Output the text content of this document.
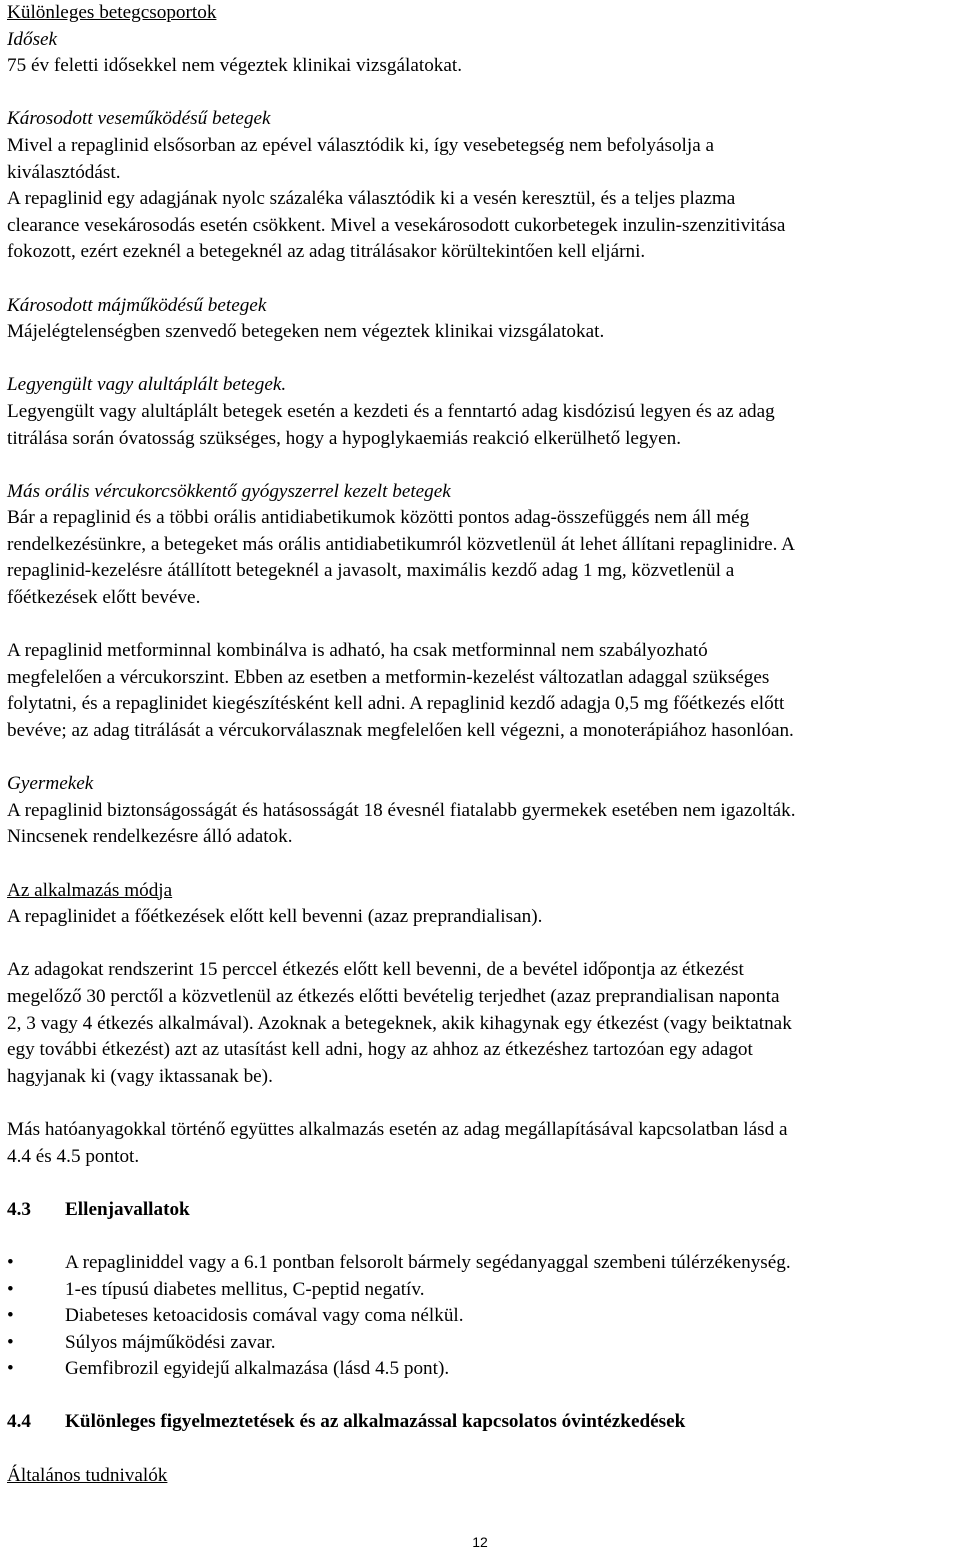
Különleges betegcsoportok
Idősek
75 év feletti idősekkel nem végeztek klinikai vizsgálatokat.
Károsodott veseműködésű betegek
Mivel a repaglinid elsősorban az epével választódik ki, így vesebetegség nem befolyásolja a
kiválasztódást.
A repaglinid egy adagjának nyolc százaléka választódik ki a vesén keresztül, és a teljes plazma
clearance vesekárosodás esetén csökkent. Mivel a vesekárosodott cukorbetegek inzulin-szenzitivitása
fokozott, ezért ezeknél a betegeknél az adag titrálásakor körültekintően kell eljárni.
Károsodott májműködésű betegek
Májelégtelenségben szenvedő betegeken nem végeztek klinikai vizsgálatokat.
Legyengült vagy alultáplált betegek.
Legyengült vagy alultáplált betegek esetén a kezdeti és a fenntartó adag kisdózisú legyen és az adag
titrálása során óvatosság szükséges, hogy a hypoglykaemiás reakció elkerülhető legyen.
Más orális vércukorcsökkentő gyógyszerrel kezelt betegek
Bár a repaglinid és a többi orális antidiabetikumok közötti pontos adag-összefüggés nem áll még
rendelkezésünkre, a betegeket más orális antidiabetikumról közvetlenül át lehet állítani repaglinidre. A
repaglinid-kezelésre átállított betegeknél a javasolt, maximális kezdő adag 1 mg, közvetlenül a
főétkezések előtt bevéve.
A repaglinid metforminnal kombinálva is adható, ha csak metforminnal nem szabályozható
megfelelően a vércukorszint. Ebben az esetben a metformin-kezelést változatlan adaggal szükséges
folytatni, és a repaglinidet kiegészítésként kell adni. A repaglinid kezdő adagja 0,5 mg főétkezés előtt
bevéve; az adag titrálását a vércukorválasznak megfelelően kell végezni, a monoterápiához hasonlóan.
Gyermekek
A repaglinid biztonságosságát és hatásosságát 18 évesnél fiatalabb gyermekek esetében nem igazolták.
Nincsenek rendelkezésre álló adatok.
Az alkalmazás módja
A repaglinidet a főétkezések előtt kell bevenni (azaz preprandialisan).
Az adagokat rendszerint 15 perccel étkezés előtt kell bevenni, de a bevétel időpontja az étkezést
megelőző 30 perctől a közvetlenül az étkezés előtti bevételig terjedhet (azaz preprandialisan naponta
2, 3 vagy 4 étkezés alkalmával). Azoknak a betegeknek, akik kihagynak egy étkezést (vagy beiktatnak
egy további étkezést) azt az utasítást kell adni, hogy az ahhoz az étkezéshez tartozóan egy adagot
hagyjanak ki (vagy iktassanak be).
Más hatóanyagokkal történő együttes alkalmazás esetén az adag megállapításával kapcsolatban lásd a
4.4 és 4.5 pontot.
4.3	Ellenjavallatok
•	A repaglinіddel vagy a 6.1 pontban felsorolt bármely segédanyaggal szembeni túlérzékenység.
•	1-es típusú diabetes mellitus, C-peptid negatív.
•	Diabeteses ketoacidosis comával vagy coma nélkül.
•	Súlyos májműködési zavar.
•	Gemfibrozil egyidejű alkalmazása (lásd 4.5 pont).
4.4	Különleges figyelmeztetések és az alkalmazással kapcsolatos óvintézkedések
Általános tudnivalók
12
